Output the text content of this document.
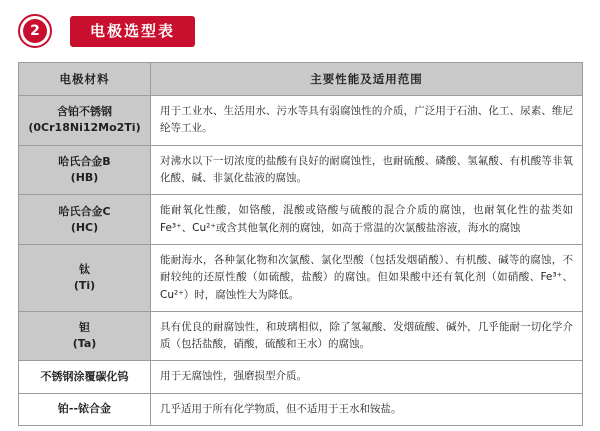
2	电极选型表
电极材料	主要性能及适用范围

含铂不锈钢
(0Cr18Ni12Mo2Ti)	用于工业水、生活用水、污水等具有弱腐蚀性的介质，广泛用于石油、化工、尿素、维尼纶等工业。

哈氏合金B
(HB)	对沸水以下一切浓度的盐酸有良好的耐腐蚀性，也耐硫酸、磷酸、氢氟酸、有机酸等非氧化酸、碱、非氯化盐液的腐蚀。

哈氏合金C
(HC)	能耐氧化性酸，如铬酸，混酸或铬酸与硫酸的混合介质的腐蚀，也耐氧化性的盐类如Fe³⁺、Cu²⁺或含其他氧化剂的腐蚀，如高于常温的次氯酸盐溶液，海水的腐蚀

钛
(Ti)	能耐海水，各种氯化物和次氯酸、氯化型酸（包括发烟硝酸）、有机酸、碱等的腐蚀，不耐较纯的还原性酸（如硫酸，盐酸）的腐蚀。但如果酸中还有氧化剂（如硝酸、Fe³⁺、Cu²⁺）时，腐蚀性大为降低。

钽
(Ta)	具有优良的耐腐蚀性，和玻璃相似，除了氢氟酸、发烟硫酸、碱外，几乎能耐一切化学介质（包括盐酸，硝酸，硫酸和王水）的腐蚀。

不锈钢涂覆碳化钨	用于无腐蚀性，强磨损型介质。

铂--铱合金	几乎适用于所有化学物质，但不适用于王水和铵盐。
